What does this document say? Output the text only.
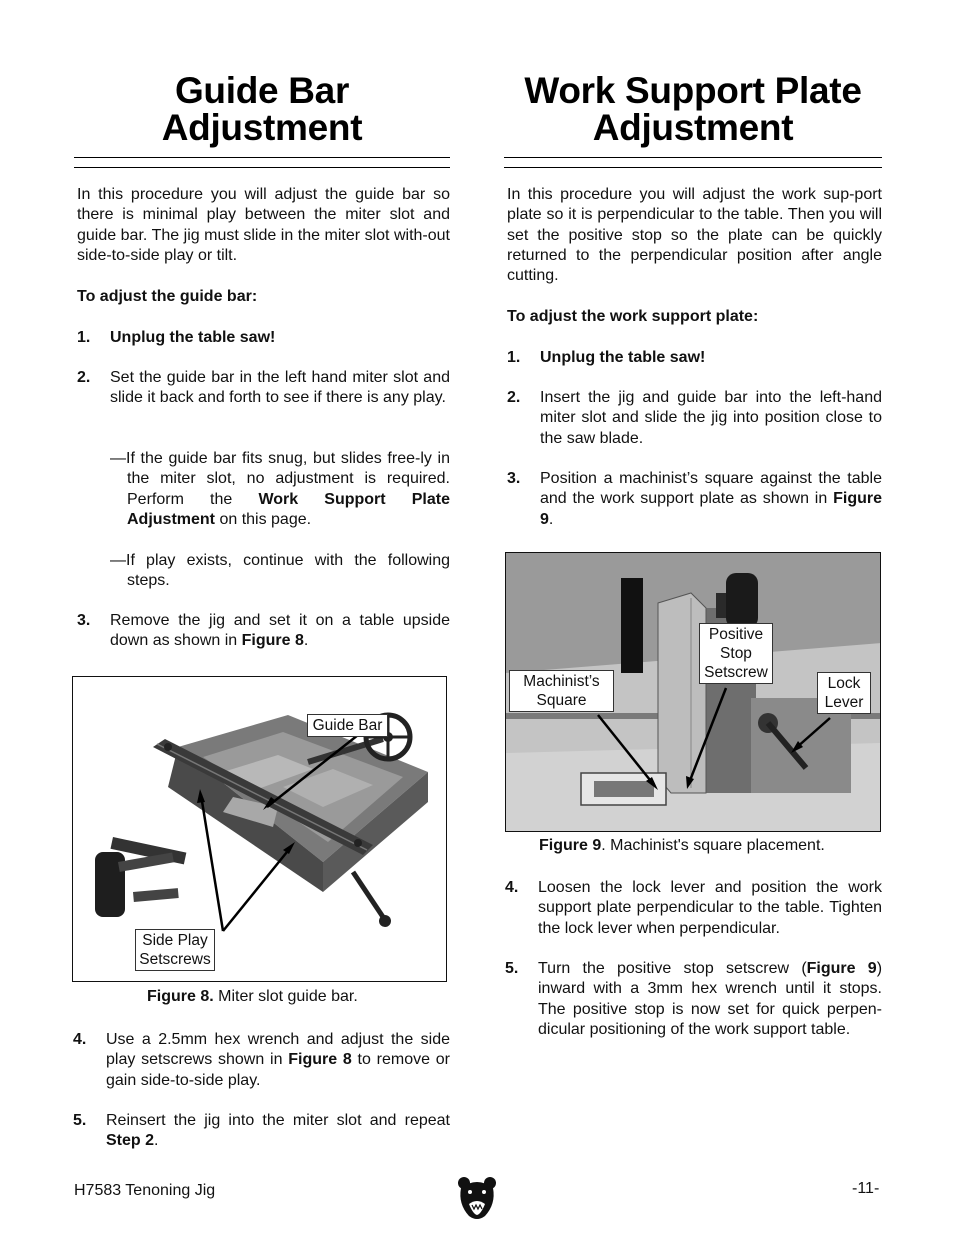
Guide Bar
Adjustment

In this procedure you will adjust the guide bar so there is minimal play between the miter slot and guide bar. The jig must slide in the miter slot with-out side-to-side play or tilt.

To adjust the guide bar:

1. Unplug the table saw!
2. Set the guide bar in the left hand miter slot and slide it back and forth to see if there is any play.

—If the guide bar fits snug, but slides free-ly in the miter slot, no adjustment is required. Perform the Work Support Plate Adjustment on this page.

—If play exists, continue with the following steps.

3. Remove the jig and set it on a table upside down as shown in Figure 8.
Guide Bar
Side Play
Setscrews

Figure 8. Miter slot guide bar.

4. Use a 2.5mm hex wrench and adjust the side play setscrews shown in Figure 8 to remove or gain side-to-side play.
5. Reinsert the jig into the miter slot and repeat Step 2.
Work Support Plate
Adjustment

In this procedure you will adjust the work sup-port plate so it is perpendicular to the table. Then you will set the positive stop so the plate can be quickly returned to the perpendicular position after angle cutting.

To adjust the work support plate:

1. Unplug the table saw!
2. Insert the jig and guide bar into the left-hand miter slot and slide the jig into position close to the saw blade.
3. Position a machinist’s square against the table and the work support plate as shown in Figure 9.
Machinist’s
Square
Positive
Stop
Setscrew
Lock
Lever

Figure 9. Machinist's square placement.

4. Loosen the lock lever and position the work support plate perpendicular to the table. Tighten the lock lever when perpendicular.
5. Turn the positive stop setscrew (Figure 9) inward with a 3mm hex wrench until it stops. The positive stop is now set for quick perpen-dicular positioning of the work support table.
H7583 Tenoning Jig	-11-
